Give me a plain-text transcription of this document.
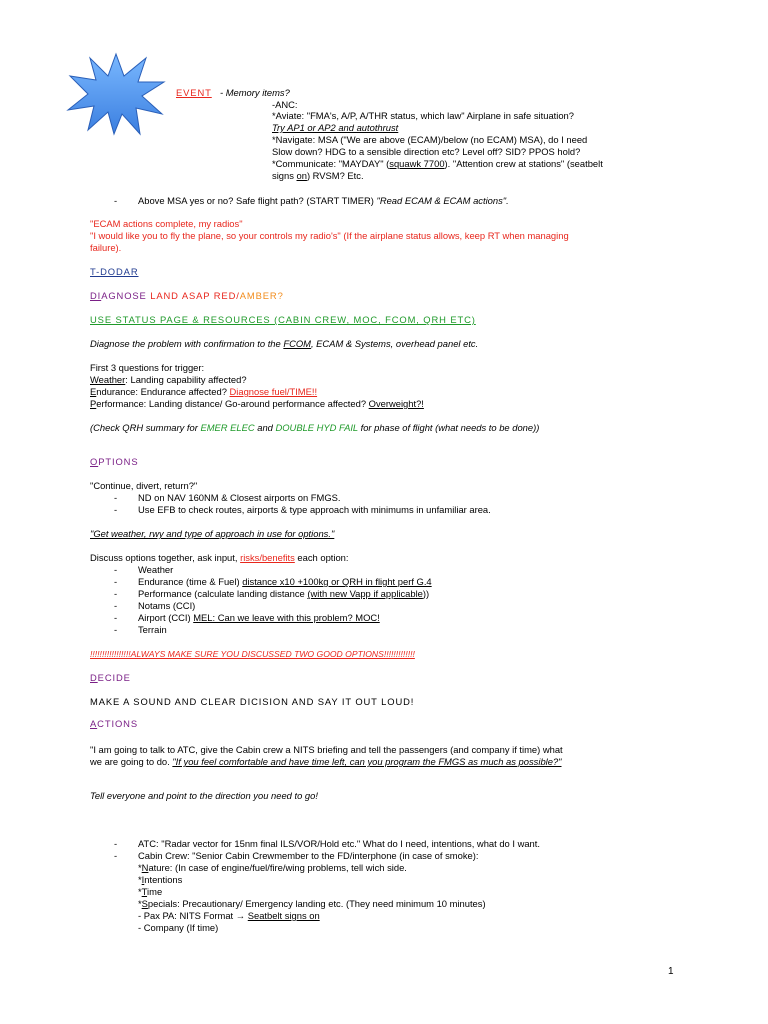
EVENT - Memory items?
-ANC:
*Aviate: "FMA's, A/P, A/THR status, which law" Airplane in safe situation?
Try AP1 or AP2 and autothrust
*Navigate: MSA ("We are above (ECAM)/below (no ECAM) MSA), do I need
Slow down? HDG to a sensible direction etc? Level off? SID? PPOS hold?
*Communicate: "MAYDAY" (squawk 7700). "Attention crew at stations" (seatbelt
signs on) RVSM? Etc.
- Above MSA yes or no? Safe flight path? (START TIMER) "Read ECAM & ECAM actions".
"ECAM actions complete, my radios"
"I would like you to fly the plane, so your controls my radio's" (If the airplane status allows, keep RT when managing
failure).
T-DODAR
DIAGNOSE LAND ASAP RED/AMBER?
USE STATUS PAGE & RESOURCES (CABIN CREW, MOC, FCOM, QRH ETC)
Diagnose the problem with confirmation to the FCOM, ECAM & Systems, overhead panel etc.
First 3 questions for trigger:
Weather: Landing capability affected?
Endurance: Endurance affected? Diagnose fuel/TIME!!
Performance: Landing distance/ Go-around performance affected? Overweight?!
(Check QRH summary for EMER ELEC and DOUBLE HYD FAIL for phase of flight (what needs to be done))
OPTIONS
"Continue, divert, return?"
- ND on NAV 160NM & Closest airports on FMGS.
- Use EFB to check routes, airports & type approach with minimums in unfamiliar area.
"Get weather, rwy and type of approach in use for options."
Discuss options together, ask input, risks/benefits each option:
- Weather
- Endurance (time & Fuel) distance x10 +100kg or QRH in flight perf G.4
- Performance (calculate landing distance (with new Vapp if applicable))
- Notams (CCI)
- Airport (CCI) MEL: Can we leave with this problem? MOC!
- Terrain
!!!!!!!!!!!!!!!!!ALWAYS MAKE SURE YOU DISCUSSED TWO GOOD OPTIONS!!!!!!!!!!!!!
DECIDE
MAKE A SOUND AND CLEAR DICISION AND SAY IT OUT LOUD!
ACTIONS
"I am going to talk to ATC, give the Cabin crew a NITS briefing and tell the passengers (and company if time) what
we are going to do. "If you feel comfortable and have time left, can you program the FMGS as much as possible?"
Tell everyone and point to the direction you need to go!
- ATC: "Radar vector for 15nm final ILS/VOR/Hold etc." What do I need, intentions, what do I want.
- Cabin Crew: "Senior Cabin Crewmember to the FD/interphone (in case of smoke):
*Nature: (In case of engine/fuel/fire/wing problems, tell wich side.
*Intentions
*Time
*Specials: Precautionary/ Emergency landing etc. (They need minimum 10 minutes)
- Pax PA: NITS Format → Seatbelt signs on
- Company (If time)
1
